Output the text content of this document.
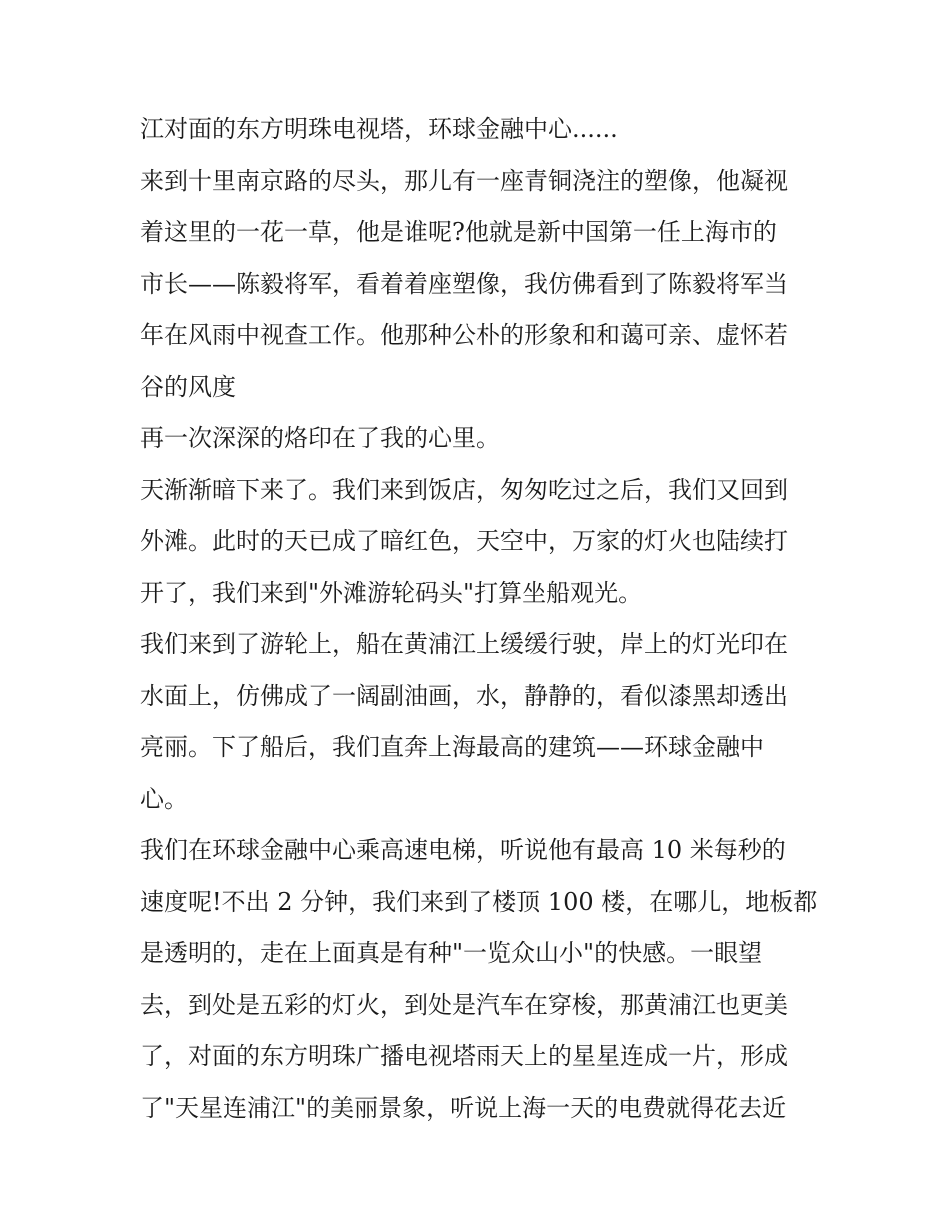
江对面的东方明珠电视塔，环球金融中心......
来到十里南京路的尽头，那儿有一座青铜浇注的塑像，他凝视
着这里的一花一草，他是谁呢?他就是新中国第一任上海市的
市长——陈毅将军，看着着座塑像，我仿佛看到了陈毅将军当
年在风雨中视查工作。他那种公朴的形象和和蔼可亲、虚怀若
谷的风度
再一次深深的烙印在了我的心里。
天渐渐暗下来了。我们来到饭店，匆匆吃过之后，我们又回到
外滩。此时的天已成了暗红色，天空中，万家的灯火也陆续打
开了，我们来到"外滩游轮码头"打算坐船观光。
我们来到了游轮上，船在黄浦江上缓缓行驶，岸上的灯光印在
水面上，仿佛成了一阔副油画，水，静静的，看似漆黑却透出
亮丽。下了船后，我们直奔上海最高的建筑——环球金融中
心。
我们在环球金融中心乘高速电梯，听说他有最高 10 米每秒的
速度呢!不出 2 分钟，我们来到了楼顶 100 楼，在哪儿，地板都
是透明的，走在上面真是有种"一览众山小"的快感。一眼望
去，到处是五彩的灯火，到处是汽车在穿梭，那黄浦江也更美
了，对面的东方明珠广播电视塔雨天上的星星连成一片，形成
了"天星连浦江"的美丽景象，听说上海一天的电费就得花去近
